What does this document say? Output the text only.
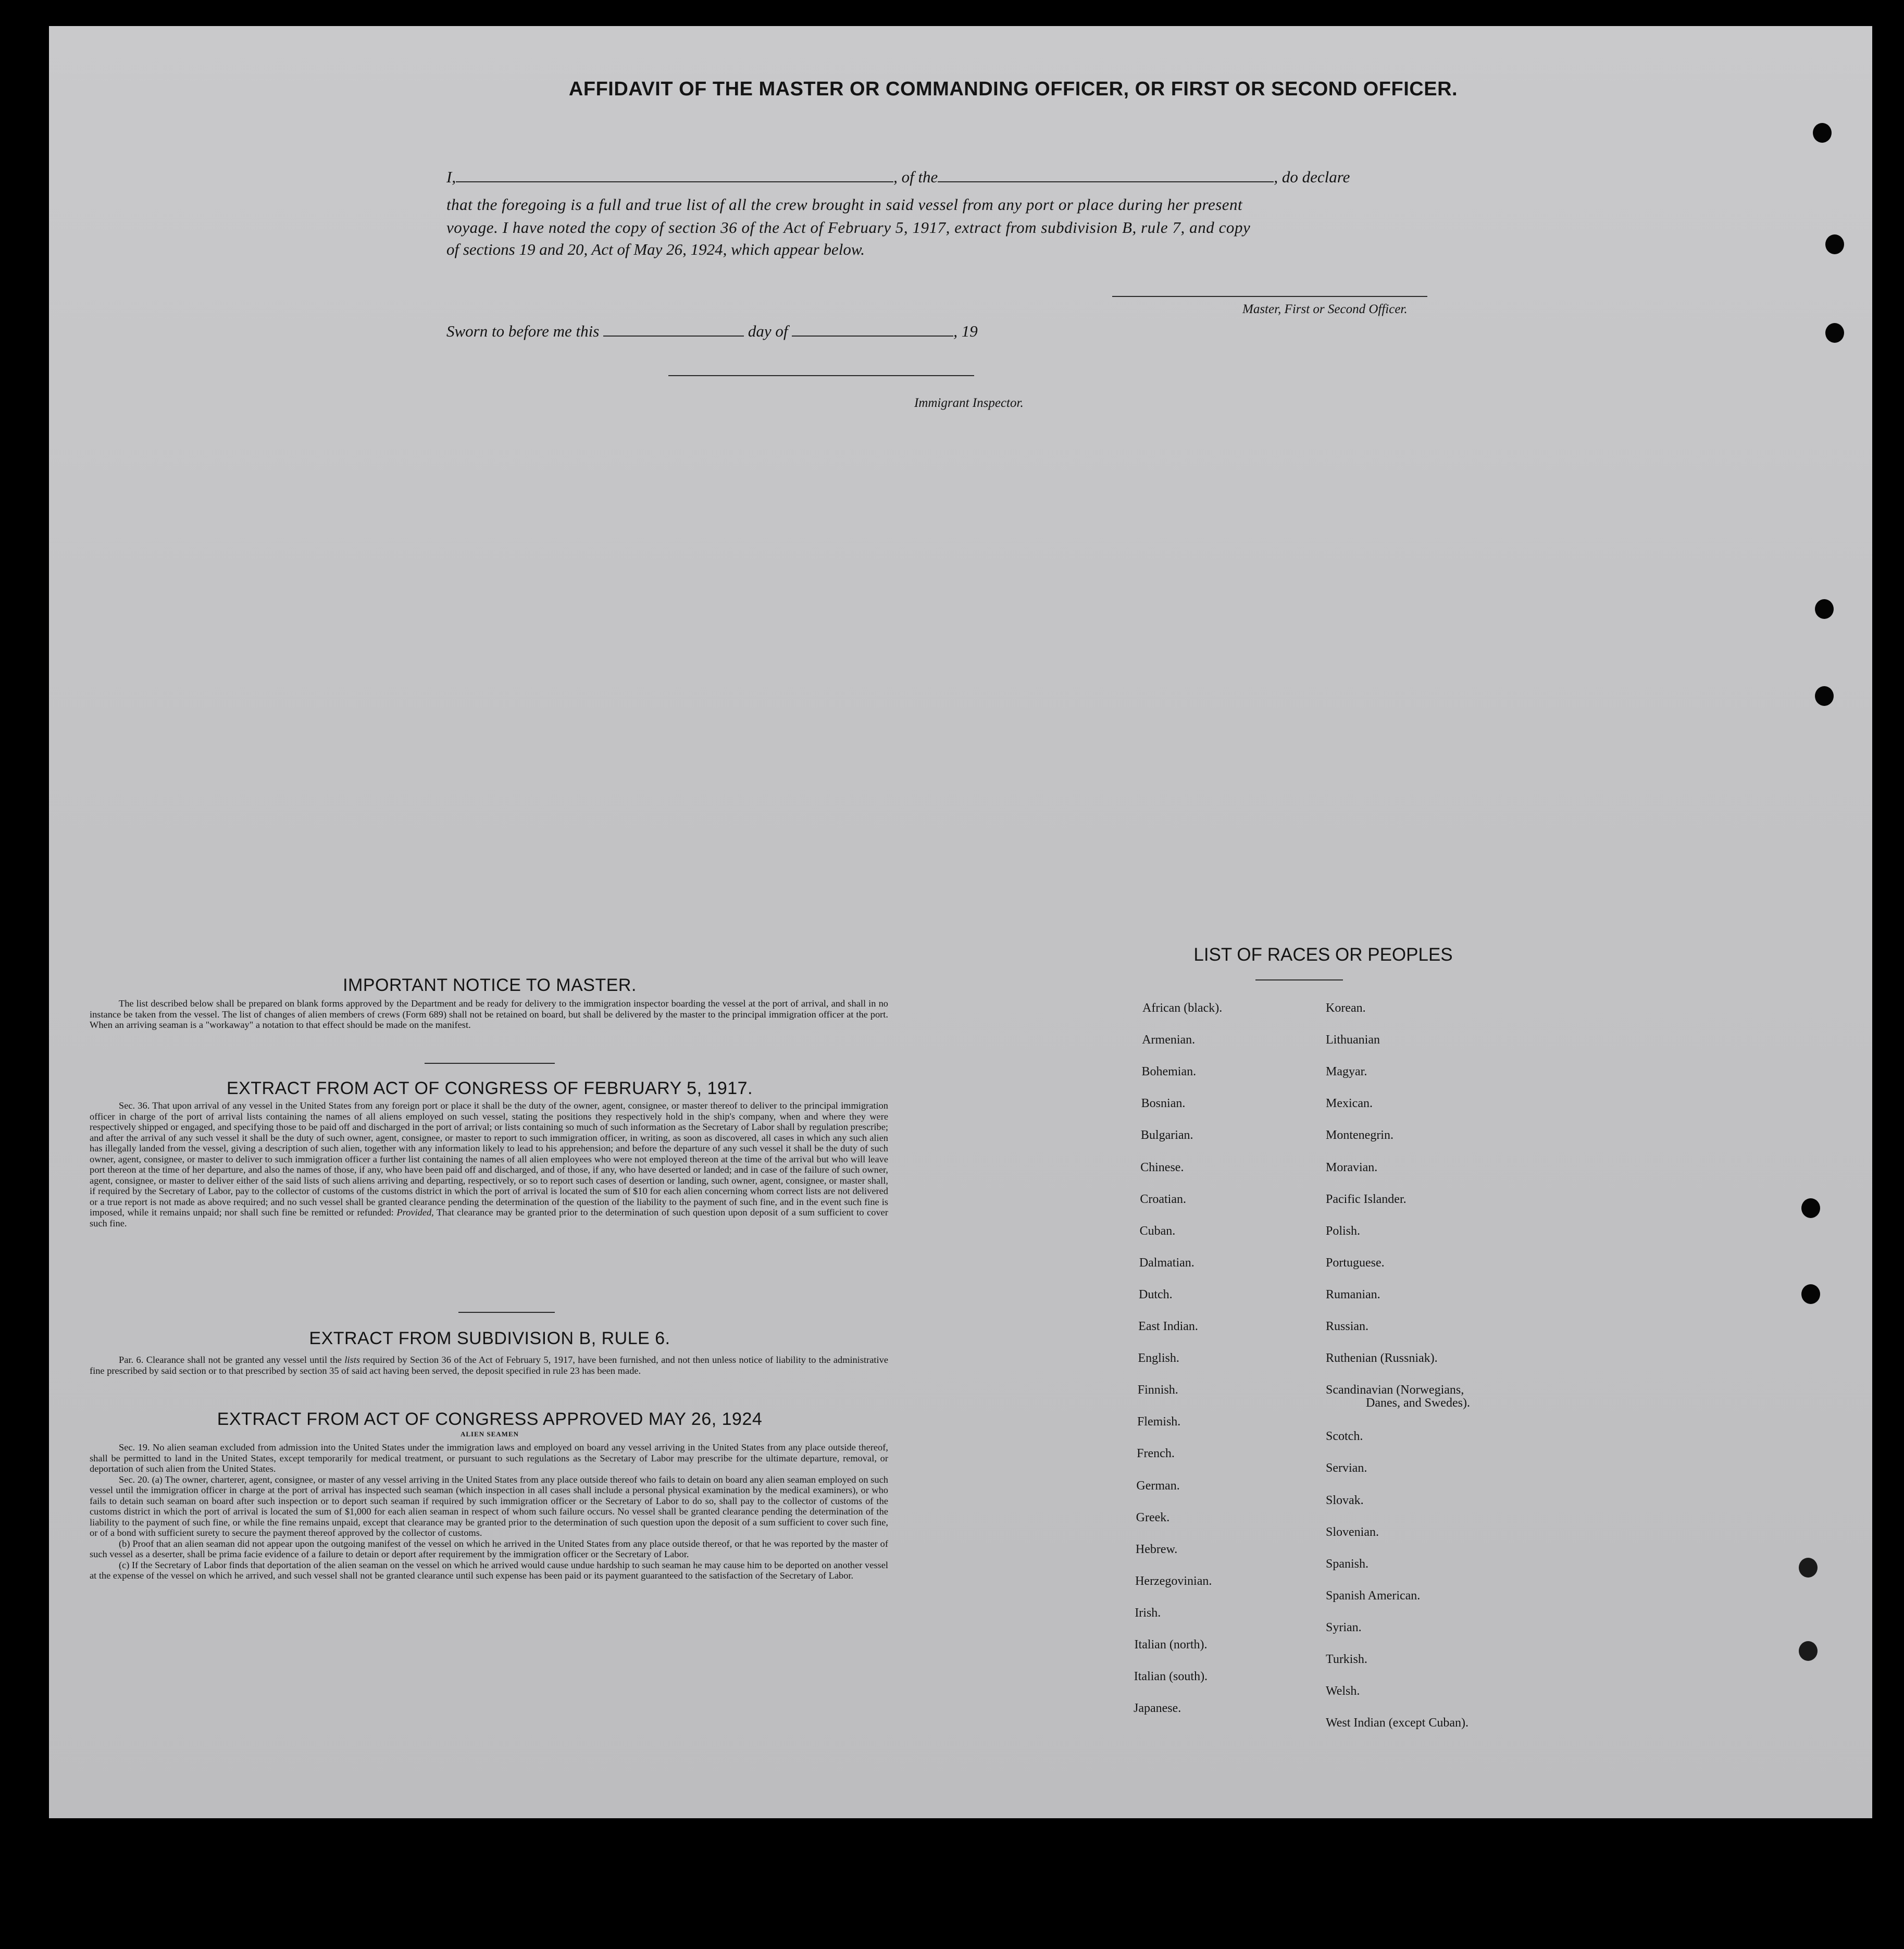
AFFIDAVIT OF THE MASTER OR COMMANDING OFFICER, OR FIRST OR SECOND OFFICER.
I,	, of the	, do declare
that the foregoing is a full and true list of all the crew brought in said vessel from any port or place during her present
voyage. I have noted the copy of section 36 of the Act of February 5, 1917, extract from subdivision B, rule 7, and copy
of sections 19 and 20, Act of May 26, 1924, which appear below.
Master, First or Second Officer.
Sworn to before me this	day of	, 19
Immigrant Inspector.
IMPORTANT NOTICE TO MASTER.
The list described below shall be prepared on blank forms approved by the Department and be ready for delivery to the immigration inspector boarding the vessel at the port of arrival, and shall in no instance be taken from the vessel. The list of changes of alien members of crews (Form 689) shall not be retained on board, but shall be delivered by the master to the principal immigration officer at the port. When an arriving seaman is a "workaway" a notation to that effect should be made on the manifest.
EXTRACT FROM ACT OF CONGRESS OF FEBRUARY 5, 1917.
Sec. 36. That upon arrival of any vessel in the United States from any foreign port or place it shall be the duty of the owner, agent, consignee, or master thereof to deliver to the principal immigration officer in charge of the port of arrival lists containing the names of all aliens employed on such vessel, stating the positions they respectively hold in the ship's company, when and where they were respectively shipped or engaged, and specifying those to be paid off and discharged in the port of arrival; or lists containing so much of such information as the Secretary of Labor shall by regulation prescribe; and after the arrival of any such vessel it shall be the duty of such owner, agent, consignee, or master to report to such immigration officer, in writing, as soon as discovered, all cases in which any such alien has illegally landed from the vessel, giving a description of such alien, together with any information likely to lead to his apprehension; and before the departure of any such vessel it shall be the duty of such owner, agent, consignee, or master to deliver to such immigration officer a further list containing the names of all alien employees who were not employed thereon at the time of the arrival but who will leave port thereon at the time of her departure, and also the names of those, if any, who have been paid off and discharged, and of those, if any, who have deserted or landed; and in case of the failure of such owner, agent, consignee, or master to deliver either of the said lists of such aliens arriving and departing, respectively, or so to report such cases of desertion or landing, such owner, agent, consignee, or master shall, if required by the Secretary of Labor, pay to the collector of customs of the customs district in which the port of arrival is located the sum of $10 for each alien concerning whom correct lists are not delivered or a true report is not made as above required; and no such vessel shall be granted clearance pending the determination of the question of the liability to the payment of such fine, and in the event such fine is imposed, while it remains unpaid; nor shall such fine be remitted or refunded: Provided, That clearance may be granted prior to the determination of such question upon deposit of a sum sufficient to cover such fine.
EXTRACT FROM SUBDIVISION B, RULE 6.
Par. 6. Clearance shall not be granted any vessel until the lists required by Section 36 of the Act of February 5, 1917, have been furnished, and not then unless notice of liability to the administrative fine prescribed by said section or to that prescribed by section 35 of said act having been served, the deposit specified in rule 23 has been made.
EXTRACT FROM ACT OF CONGRESS APPROVED MAY 26, 1924
ALIEN SEAMEN
Sec. 19. No alien seaman excluded from admission into the United States under the immigration laws and employed on board any vessel arriving in the United States from any place outside thereof, shall be permitted to land in the United States, except temporarily for medical treatment, or pursuant to such regulations as the Secretary of Labor may prescribe for the ultimate departure, removal, or deportation of such alien from the United States.
Sec. 20. (a) The owner, charterer, agent, consignee, or master of any vessel arriving in the United States from any place outside thereof who fails to detain on board any alien seaman employed on such vessel until the immigration officer in charge at the port of arrival has inspected such seaman (which inspection in all cases shall include a personal physical examination by the medical examiners), or who fails to detain such seaman on board after such inspection or to deport such seaman if required by such immigration officer or the Secretary of Labor to do so, shall pay to the collector of customs of the customs district in which the port of arrival is located the sum of $1,000 for each alien seaman in respect of whom such failure occurs. No vessel shall be granted clearance pending the determination of the liability to the payment of such fine, or while the fine remains unpaid, except that clearance may be granted prior to the determination of such question upon the deposit of a sum sufficient to cover such fine, or of a bond with sufficient surety to secure the payment thereof approved by the collector of customs.
(b) Proof that an alien seaman did not appear upon the outgoing manifest of the vessel on which he arrived in the United States from any place outside thereof, or that he was reported by the master of such vessel as a deserter, shall be prima facie evidence of a failure to detain or deport after requirement by the immigration officer or the Secretary of Labor.
(c) If the Secretary of Labor finds that deportation of the alien seaman on the vessel on which he arrived would cause undue hardship to such seaman he may cause him to be deported on another vessel at the expense of the vessel on which he arrived, and such vessel shall not be granted clearance until such expense has been paid or its payment guaranteed to the satisfaction of the Secretary of Labor.
LIST OF RACES OR PEOPLES
African (black).
Armenian.
Bohemian.
Bosnian.
Bulgarian.
Chinese.
Croatian.
Cuban.
Dalmatian.
Dutch.
East Indian.
English.
Finnish.
Flemish.
French.
German.
Greek.
Hebrew.
Herzegovinian.
Irish.
Italian (north).
Italian (south).
Japanese.
Korean.
Lithuanian
Magyar.
Mexican.
Montenegrin.
Moravian.
Pacific Islander.
Polish.
Portuguese.
Rumanian.
Russian.
Ruthenian (Russniak).
Scandinavian (Norwegians,
Scotch.
Servian.
Slovak.
Slovenian.
Spanish.
Spanish American.
Syrian.
Turkish.
Welsh.
West Indian (except Cuban).
Danes, and Swedes).
